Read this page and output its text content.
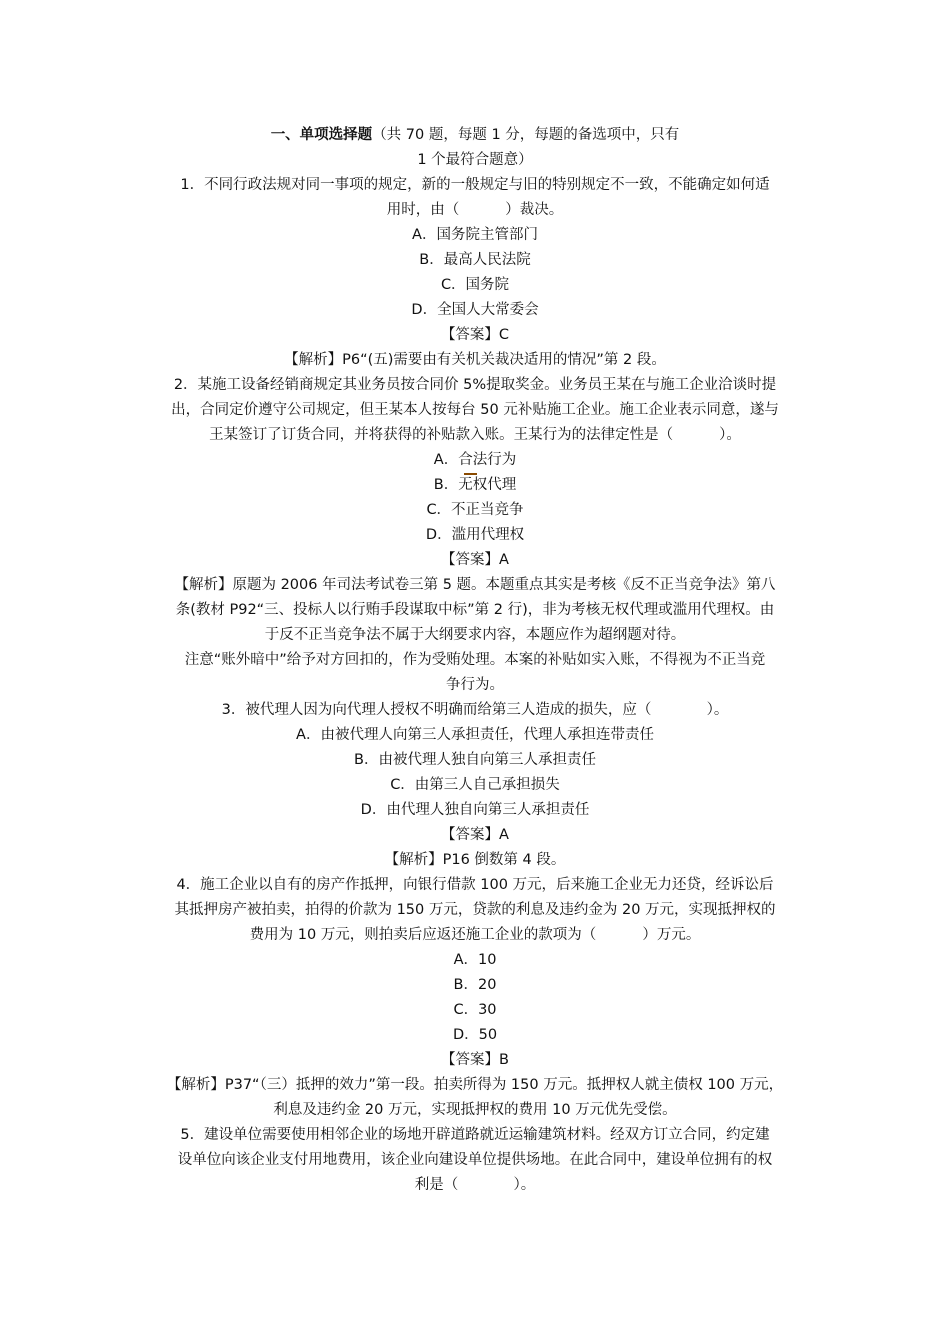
一、单项选择题（共 70 题，每题 1 分，每题的备选项中，只有
1 个最符合题意）
1．不同行政法规对同一事项的规定，新的一般规定与旧的特别规定不一致，不能确定如何适
用时，由（          ）裁决。
A．国务院主管部门
B．最高人民法院
C．国务院
D．全国人大常委会
【答案】C
【解析】P6“(五)需要由有关机关裁决适用的情况”第 2 段。
2．某施工设备经销商规定其业务员按合同价 5%提取奖金。业务员王某在与施工企业洽谈时提
出，合同定价遵守公司规定，但王某本人按每台 50 元补贴施工企业。施工企业表示同意，遂与
王某签订了订货合同，并将获得的补贴款入账。王某行为的法律定性是（          ）。
A．合法行为
B．无权代理
C．不正当竞争
D．滥用代理权
【答案】A
【解析】原题为 2006 年司法考试卷三第 5 题。本题重点其实是考核《反不正当竞争法》第八
条(教材 P92“三、投标人以行贿手段谋取中标”第 2 行)，非为考核无权代理或滥用代理权。由
于反不正当竞争法不属于大纲要求内容，本题应作为超纲题对待。
注意“账外暗中”给予对方回扣的，作为受贿处理。本案的补贴如实入账，不得视为不正当竞
争行为。
3．被代理人因为向代理人授权不明确而给第三人造成的损失，应（            ）。
A．由被代理人向第三人承担责任，代理人承担连带责任
B．由被代理人独自向第三人承担责任
C．由第三人自己承担损失
D．由代理人独自向第三人承担责任
【答案】A
【解析】P16 倒数第 4 段。
4．施工企业以自有的房产作抵押，向银行借款 100 万元，后来施工企业无力还贷，经诉讼后
其抵押房产被拍卖，拍得的价款为 150 万元，贷款的利息及违约金为 20 万元，实现抵押权的
费用为 10 万元，则拍卖后应返还施工企业的款项为（          ）万元。
A．10
B．20
C．30
D．50
【答案】B
【解析】P37“（三）抵押的效力”第一段。拍卖所得为 150 万元。抵押权人就主债权 100 万元，
利息及违约金 20 万元，实现抵押权的费用 10 万元优先受偿。
5．建设单位需要使用相邻企业的场地开辟道路就近运输建筑材料。经双方订立合同，约定建
设单位向该企业支付用地费用，该企业向建设单位提供场地。在此合同中，建设单位拥有的权
利是（            ）。
